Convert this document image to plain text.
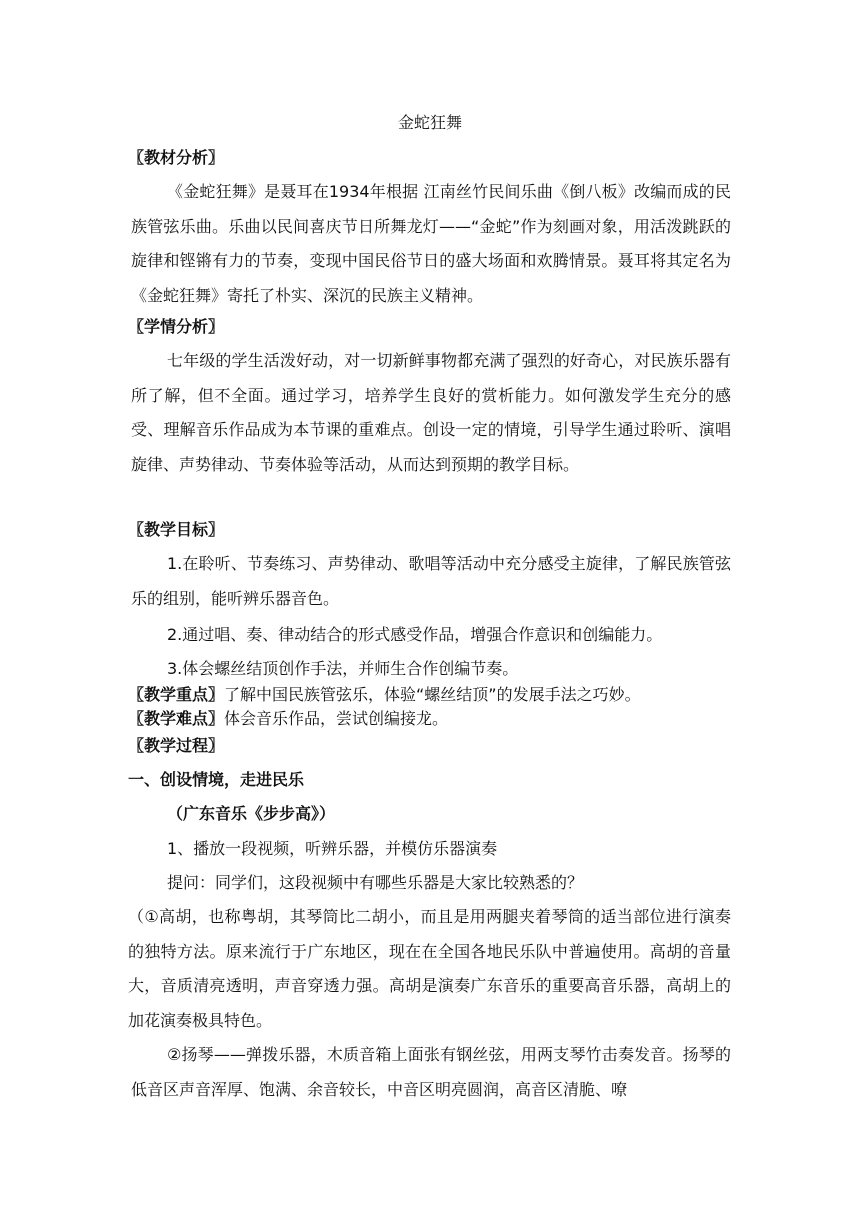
金蛇狂舞
〖教材分析〗

《金蛇狂舞》是聂耳在1934年根据 江南丝竹民间乐曲《倒八板》改编而成的民族管弦乐曲。乐曲以民间喜庆节日所舞龙灯——“金蛇”作为刻画对象，用活泼跳跃的旋律和铿锵有力的节奏，变现中国民俗节日的盛大场面和欢腾情景。聂耳将其定名为《金蛇狂舞》寄托了朴实、深沉的民族主义精神。

〖学情分析〗

七年级的学生活泼好动，对一切新鲜事物都充满了强烈的好奇心，对民族乐器有所了解，但不全面。通过学习，培养学生良好的赏析能力。如何激发学生充分的感受、理解音乐作品成为本节课的重难点。创设一定的情境，引导学生通过聆听、演唱旋律、声势律动、节奏体验等活动，从而达到预期的教学目标。

〖教学目标〗

1.在聆听、节奏练习、声势律动、歌唱等活动中充分感受主旋律，了解民族管弦乐的组别，能听辨乐器音色。

2.通过唱、奏、律动结合的形式感受作品，增强合作意识和创编能力。

3.体会螺丝结顶创作手法，并师生合作创编节奏。

〖教学重点〗了解中国民族管弦乐，体验“螺丝结顶”的发展手法之巧妙。
〖教学难点〗体会音乐作品，尝试创编接龙。
〖教学过程〗
一、创设情境，走进民乐
（广东音乐《步步高》）
1、播放一段视频，听辨乐器，并模仿乐器演奏
提问：同学们，这段视频中有哪些乐器是大家比较熟悉的？

（①高胡，也称粤胡，其琴筒比二胡小，而且是用两腿夹着琴筒的适当部位进行演奏的独特方法。原来流行于广东地区，现在在全国各地民乐队中普遍使用。高胡的音量大，音质清亮透明，声音穿透力强。高胡是演奏广东音乐的重要高音乐器，高胡上的加花演奏极具特色。

②扬琴——弹拨乐器，木质音箱上面张有钢丝弦，用两支琴竹击奏发音。扬琴的低音区声音浑厚、饱满、余音较长，中音区明亮圆润，高音区清脆、嘹
